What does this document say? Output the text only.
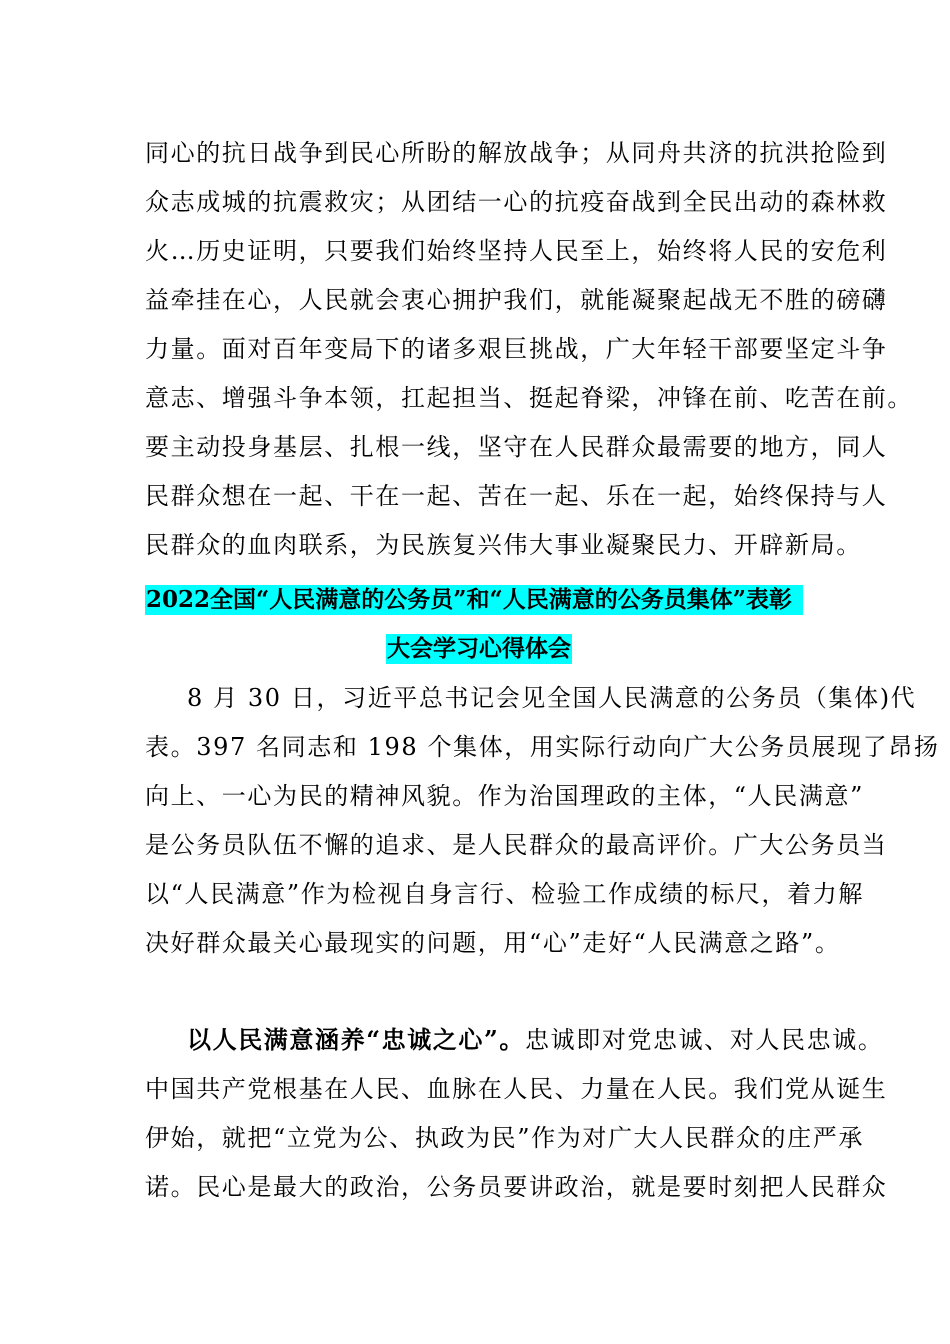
同心的抗日战争到民心所盼的解放战争；从同舟共济的抗洪抢险到
众志成城的抗震救灾；从团结一心的抗疫奋战到全民出动的森林救
火…历史证明，只要我们始终坚持人民至上，始终将人民的安危利
益牵挂在心，人民就会衷心拥护我们，就能凝聚起战无不胜的磅礴
力量。面对百年变局下的诸多艰巨挑战，广大年轻干部要坚定斗争
意志、增强斗争本领，扛起担当、挺起脊梁，冲锋在前、吃苦在前。
要主动投身基层、扎根一线，坚守在人民群众最需要的地方，同人
民群众想在一起、干在一起、苦在一起、乐在一起，始终保持与人
民群众的血肉联系，为民族复兴伟大事业凝聚民力、开辟新局。
2022全国“人民满意的公务员”和“人民满意的公务员集体”表彰
大会学习心得体会
8 月 30 日，习近平总书记会见全国人民满意的公务员（集体)代
表。397 名同志和 198 个集体，用实际行动向广大公务员展现了昂扬
向上、一心为民的精神风貌。作为治国理政的主体，“人民满意”
是公务员队伍不懈的追求、是人民群众的最高评价。广大公务员当
以“人民满意”作为检视自身言行、检验工作成绩的标尺，着力解
决好群众最关心最现实的问题，用“心”走好“人民满意之路”。
以人民满意涵养“忠诚之心”。忠诚即对党忠诚、对人民忠诚。
中国共产党根基在人民、血脉在人民、力量在人民。我们党从诞生
伊始，就把“立党为公、执政为民”作为对广大人民群众的庄严承
诺。民心是最大的政治，公务员要讲政治，就是要时刻把人民群众
